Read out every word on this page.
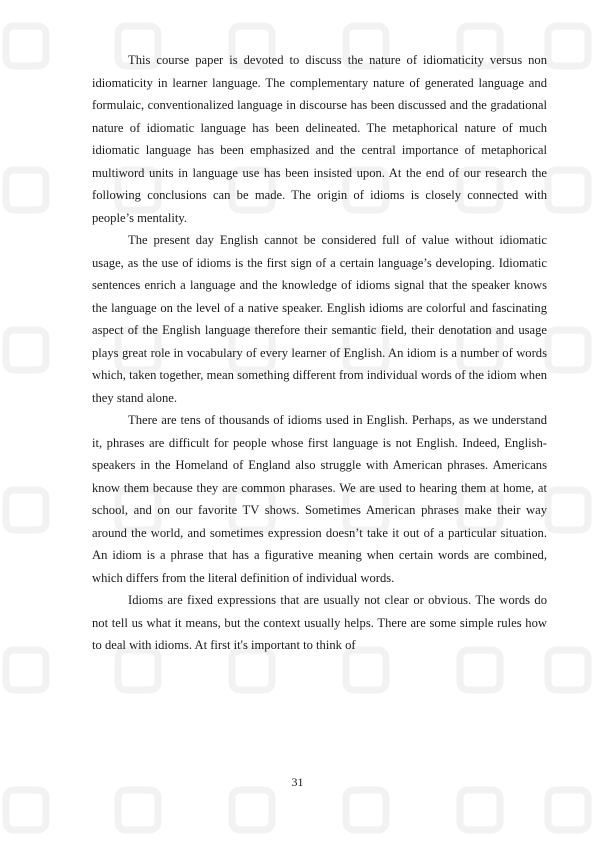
This course paper is devoted to discuss the nature of idiomaticity versus non idiomaticity in learner language. The complementary nature of generated language and formulaic, conventionalized language in discourse has been discussed and the gradational nature of idiomatic language has been delineated. The metaphorical nature of much idiomatic language has been emphasized and the central importance of metaphorical multiword units in language use has been insisted upon. At the end of our research the following conclusions can be made. The origin of idioms is closely connected with people’s mentality.

The present day English cannot be considered full of value without idiomatic usage, as the use of idioms is the first sign of a certain language’s developing. Idiomatic sentences enrich a language and the knowledge of idioms signal that the speaker knows the language on the level of a native speaker. English idioms are colorful and fascinating aspect of the English language therefore their semantic field, their denotation and usage plays great role in vocabulary of every learner of English. An idiom is a number of words which, taken together, mean something different from individual words of the idiom when they stand alone.

There are tens of thousands of idioms used in English. Perhaps, as we understand it, phrases are difficult for people whose first language is not English. Indeed, English-speakers in the Homeland of England also struggle with American phrases. Americans know them because they are common pharases. We are used to hearing them at home, at school, and on our favorite TV shows. Sometimes American phrases make their way around the world, and sometimes expression doesn’t take it out of a particular situation. An idiom is a phrase that has a figurative meaning when certain words are combined, which differs from the literal definition of individual words.

Idioms are fixed expressions that are usually not clear or obvious. The words do not tell us what it means, but the context usually helps. There are some simple rules how to deal with idioms. At first it's important to think of

31
